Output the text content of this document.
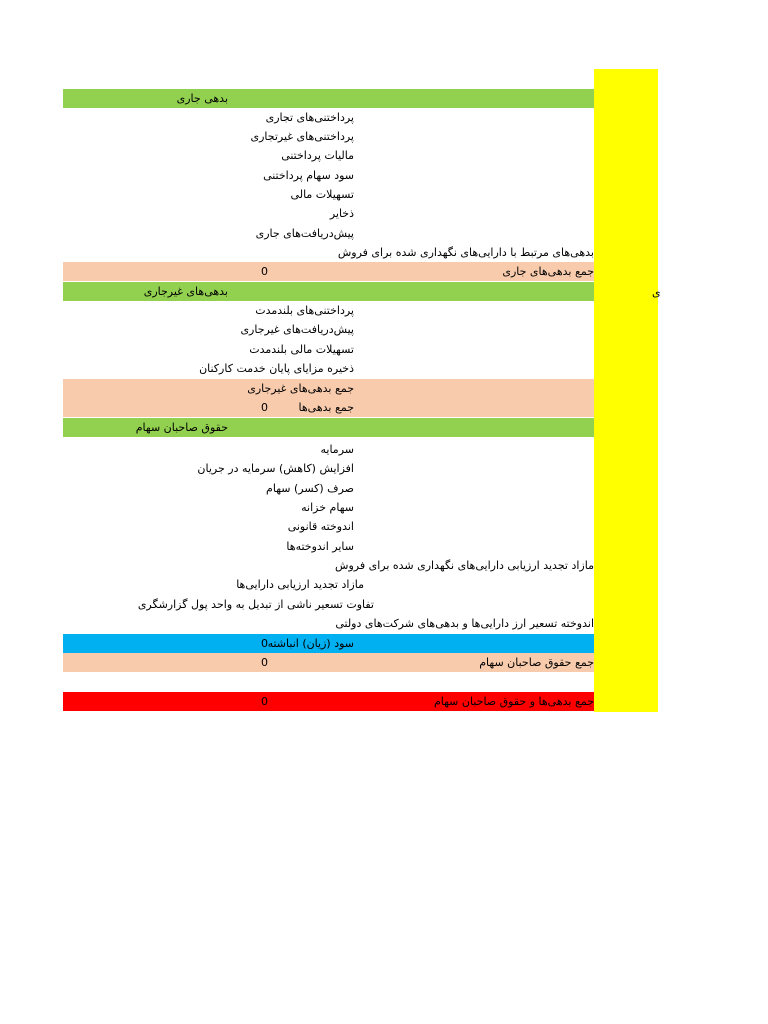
ی
بدهی جاری
پرداختنی‌های تجاری
پرداختنی‌های غیرتجاری
مالیات پرداختنی
سود سهام پرداختنی
تسهیلات مالی
ذخایر
پیش‌دریافت‌های جاری
بدهی‌های مرتبط با دارایی‌های نگهداری شده برای فروش
0	جمع بدهی‌های جاری
بدهی‌های غیرجاری
پرداختنی‌های بلندمدت
پیش‌دریافت‌های غیرجاری
تسهیلات مالی بلندمدت
ذخیره مزایای پایان خدمت کارکنان
جمع بدهی‌های غیرجاری
0	جمع بدهی‌ها
حقوق صاحبان سهام
سرمایه
افزایش (کاهش) سرمایه در جریان
صرف (کسر) سهام
سهام خزانه
اندوخته قانونی
سایر اندوخته‌ها
مازاد تجدید ارزیابی دارایی‌های نگهداری شده برای فروش
مازاد تجدید ارزیابی دارایی‌ها
تفاوت تسعیر ناشی از تبدیل به واحد پول گزارشگری
اندوخته تسعیر ارز دارایی‌ها و بدهی‌های شرکت‌های دولتی
0 سود (زیان) انباشته
0	جمع حقوق صاحبان سهام
0	جمع بدهی‌ها و حقوق صاحبان سهام
